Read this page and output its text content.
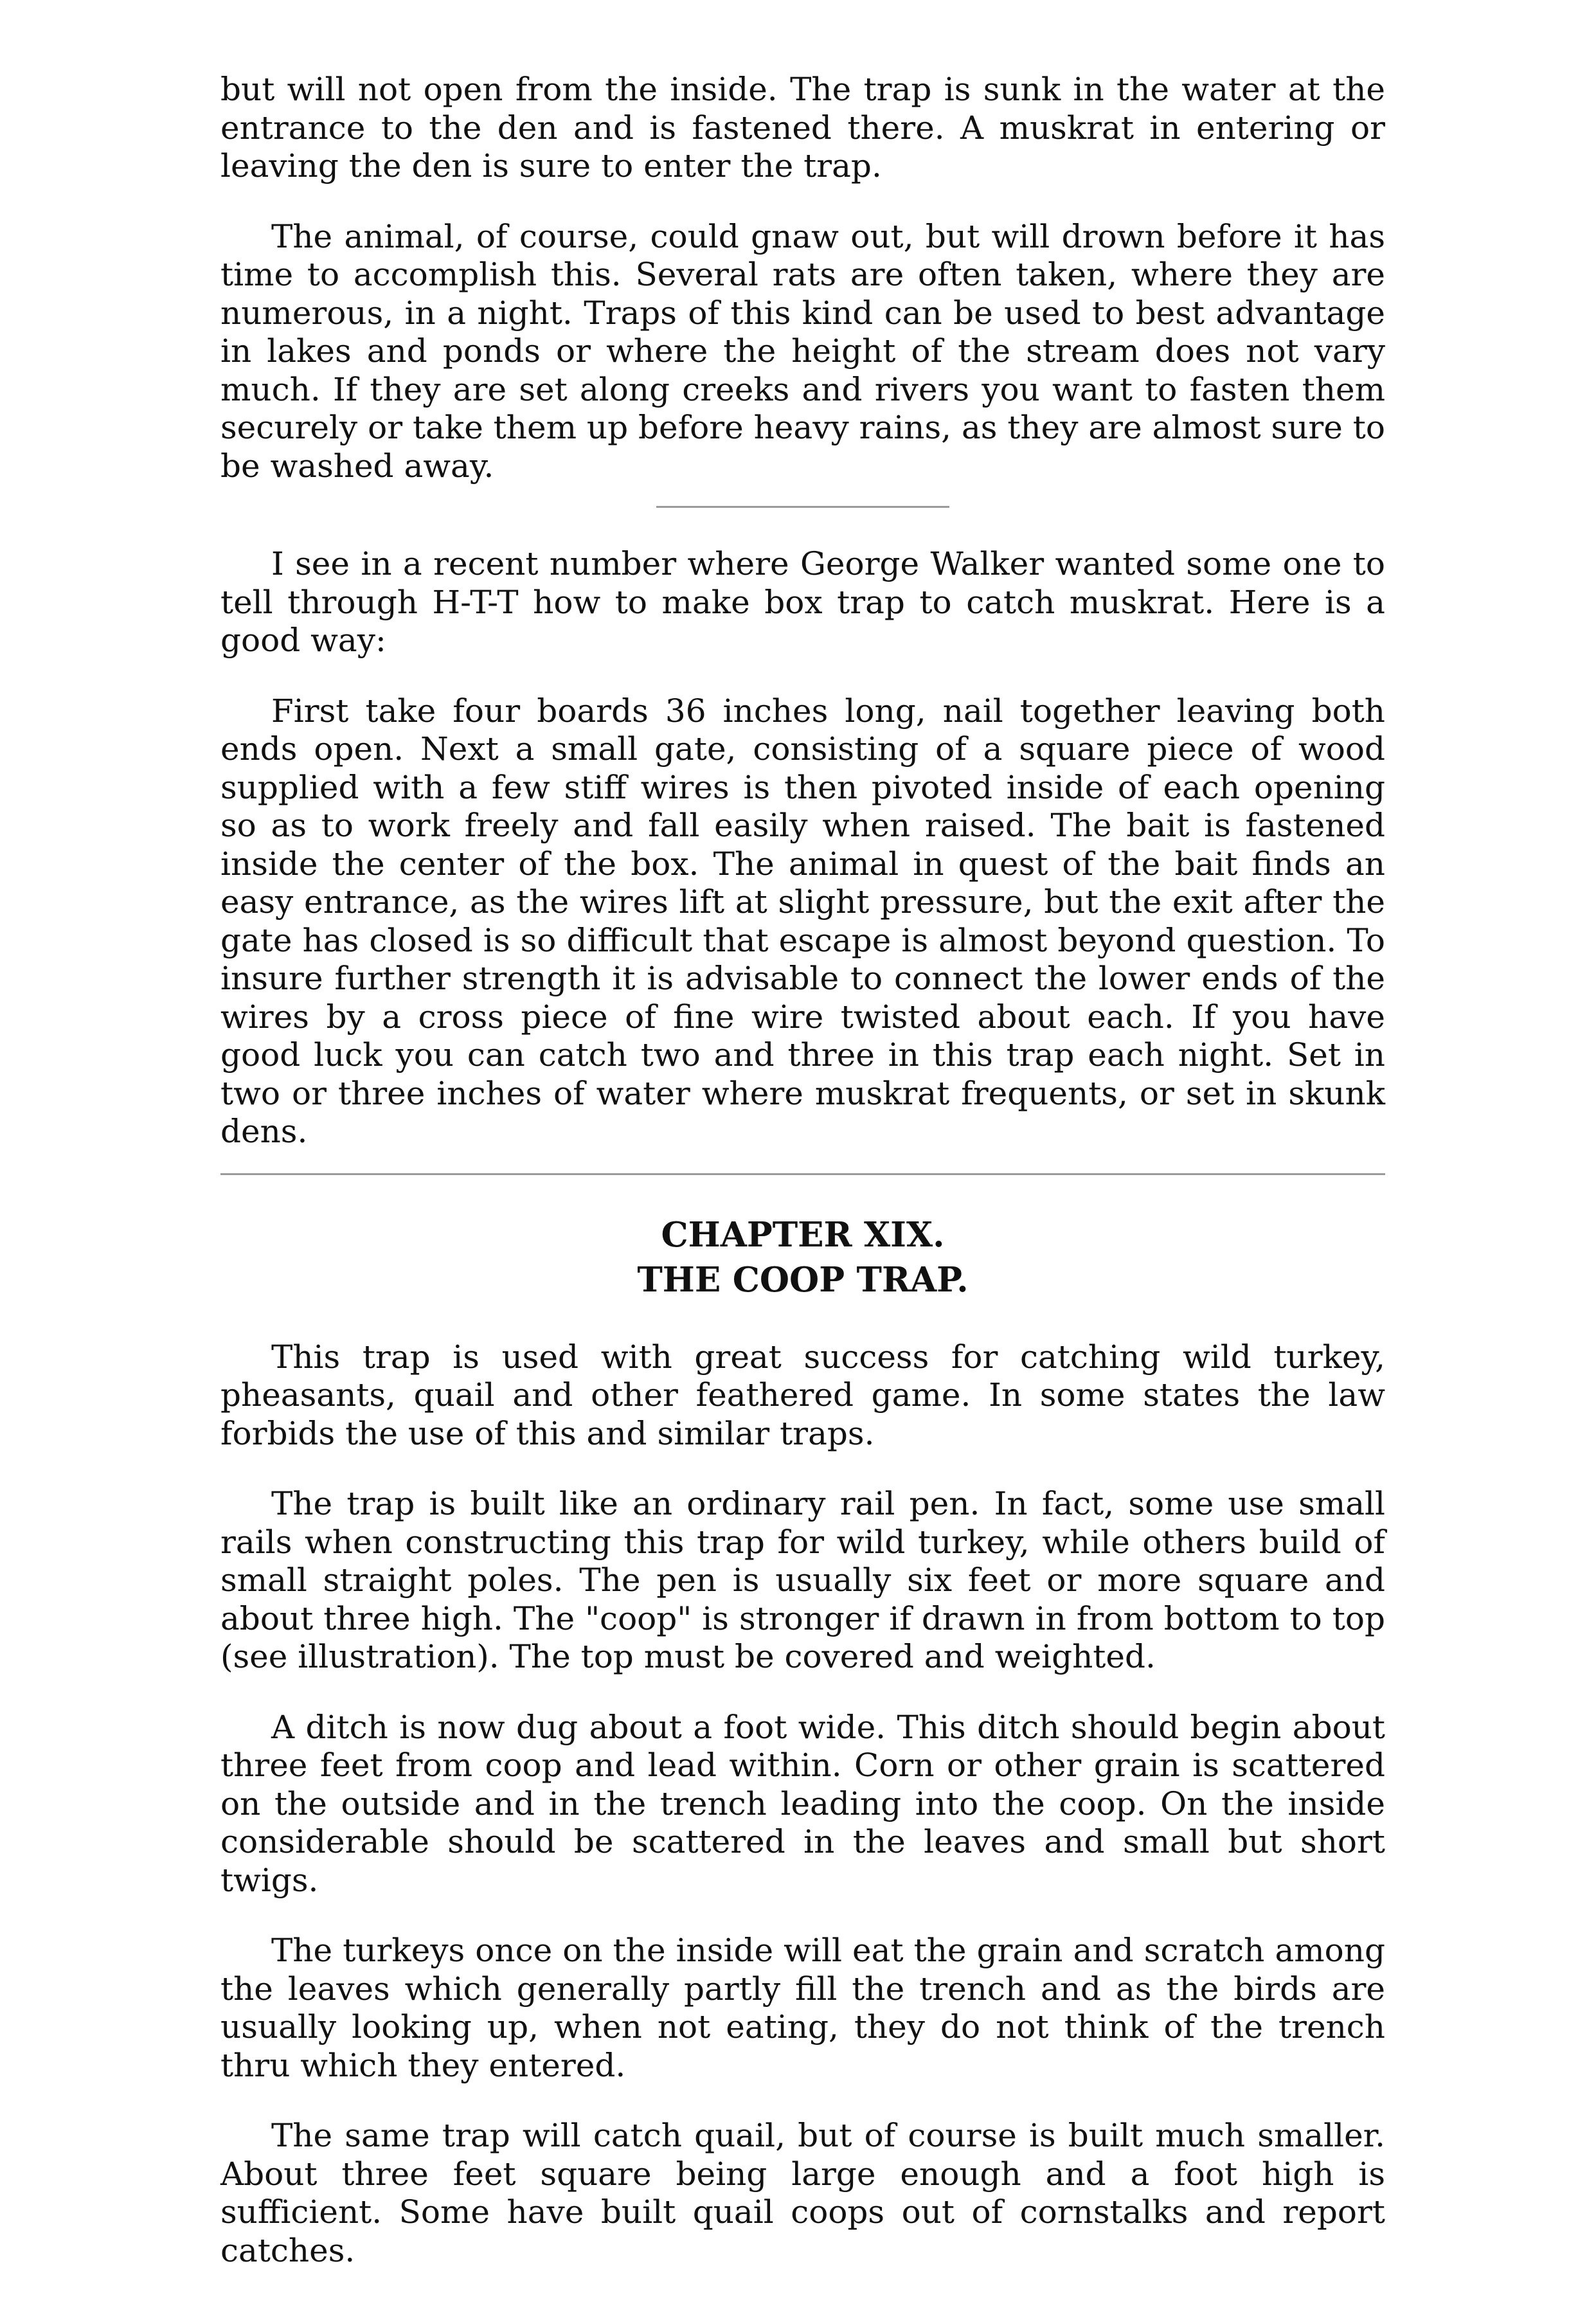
but will not open from the inside. The trap is sunk in the water at the entrance to the den and is fastened there. A muskrat in entering or leaving the den is sure to enter the trap.

The animal, of course, could gnaw out, but will drown before it has time to accomplish this. Several rats are often taken, where they are numerous, in a night. Traps of this kind can be used to best advantage in lakes and ponds or where the height of the stream does not vary much. If they are set along creeks and rivers you want to fasten them securely or take them up before heavy rains, as they are almost sure to be washed away.

I see in a recent number where George Walker wanted some one to tell through H-T-T how to make box trap to catch muskrat. Here is a good way:

First take four boards 36 inches long, nail together leaving both ends open. Next a small gate, consisting of a square piece of wood supplied with a few stiff wires is then pivoted inside of each opening so as to work freely and fall easily when raised. The bait is fastened inside the center of the box. The animal in quest of the bait finds an easy entrance, as the wires lift at slight pressure, but the exit after the gate has closed is so difficult that escape is almost beyond question. To insure further strength it is advisable to connect the lower ends of the wires by a cross piece of fine wire twisted about each. If you have good luck you can catch two and three in this trap each night. Set in two or three inches of water where muskrat frequents, or set in skunk dens.

CHAPTER XIX.
THE COOP TRAP.

This trap is used with great success for catching wild turkey, pheasants, quail and other feathered game. In some states the law forbids the use of this and similar traps.

The trap is built like an ordinary rail pen. In fact, some use small rails when constructing this trap for wild turkey, while others build of small straight poles. The pen is usually six feet or more square and about three high. The "coop" is stronger if drawn in from bottom to top (see illustration). The top must be covered and weighted.

A ditch is now dug about a foot wide. This ditch should begin about three feet from coop and lead within. Corn or other grain is scattered on the outside and in the trench leading into the coop. On the inside considerable should be scattered in the leaves and small but short twigs.

The turkeys once on the inside will eat the grain and scratch among the leaves which generally partly fill the trench and as the birds are usually looking up, when not eating, they do not think of the trench thru which they entered.

The same trap will catch quail, but of course is built much smaller. About three feet square being large enough and a foot high is sufficient. Some have built quail coops out of cornstalks and report catches.
